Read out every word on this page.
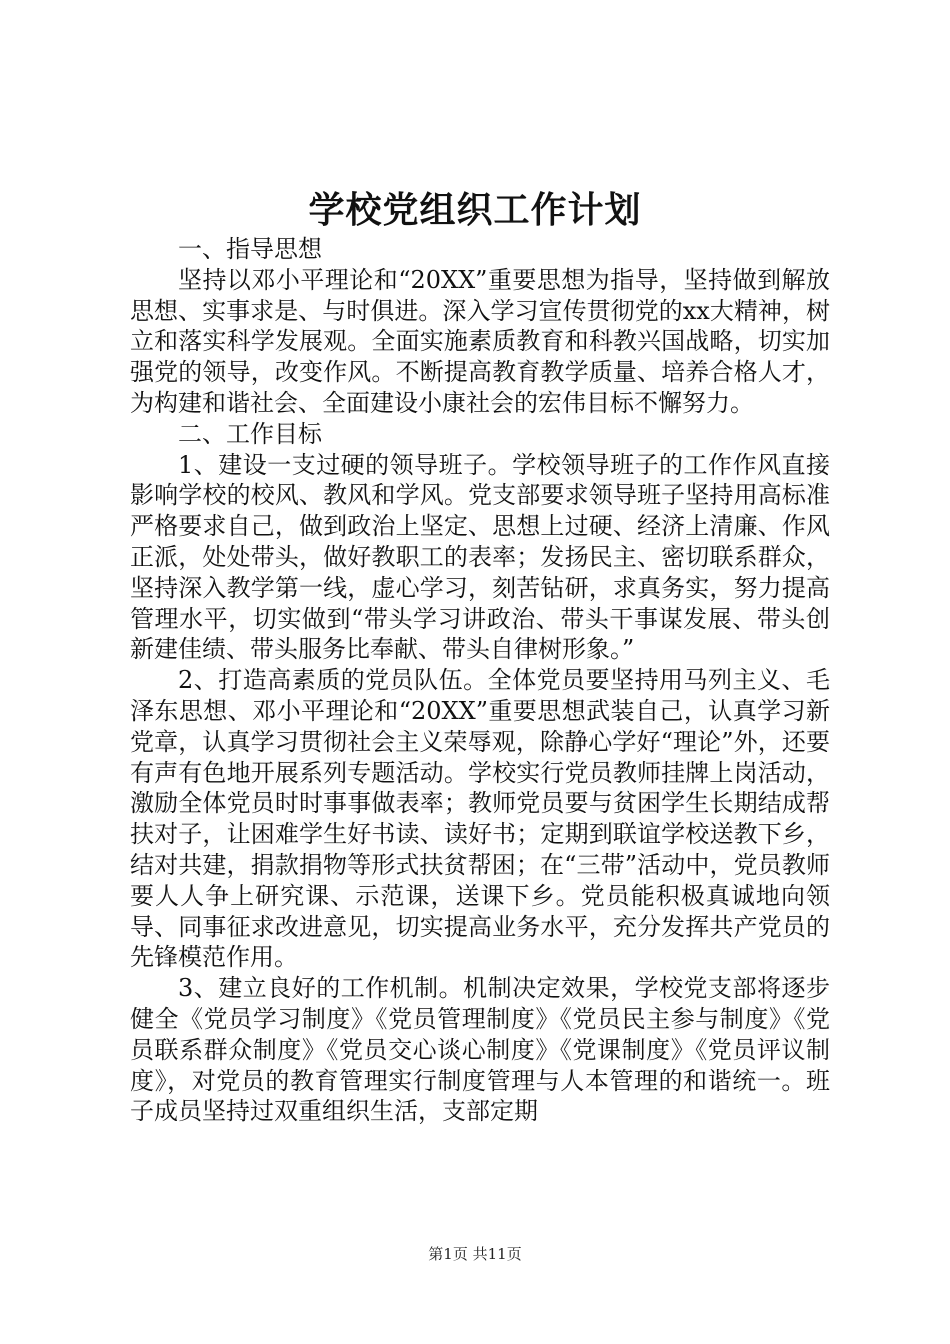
学校党组织工作计划

一、指导思想

坚持以邓小平理论和“20XX”重要思想为指导，坚持做到解放思想、实事求是、与时俱进。深入学习宣传贯彻党的xx大精神，树立和落实科学发展观。全面实施素质教育和科教兴国战略，切实加强党的领导，改变作风。不断提高教育教学质量、培养合格人才，为构建和谐社会、全面建设小康社会的宏伟目标不懈努力。

二、工作目标

1、建设一支过硬的领导班子。学校领导班子的工作作风直接影响学校的校风、教风和学风。党支部要求领导班子坚持用高标准严格要求自己，做到政治上坚定、思想上过硬、经济上清廉、作风正派，处处带头，做好教职工的表率；发扬民主、密切联系群众，坚持深入教学第一线，虚心学习，刻苦钻研，求真务实，努力提高管理水平，切实做到“带头学习讲政治、带头干事谋发展、带头创新建佳绩、带头服务比奉献、带头自律树形象。”

2、打造高素质的党员队伍。全体党员要坚持用马列主义、毛泽东思想、邓小平理论和“20XX”重要思想武装自己，认真学习新党章，认真学习贯彻社会主义荣辱观，除静心学好“理论”外，还要有声有色地开展系列专题活动。学校实行党员教师挂牌上岗活动，激励全体党员时时事事做表率；教师党员要与贫困学生长期结成帮扶对子，让困难学生好书读、读好书；定期到联谊学校送教下乡，结对共建，捐款捐物等形式扶贫帮困；在“三带”活动中，党员教师要人人争上研究课、示范课，送课下乡。党员能积极真诚地向领导、同事征求改进意见，切实提高业务水平，充分发挥共产党员的先锋模范作用。

3、建立良好的工作机制。机制决定效果，学校党支部将逐步健全《党员学习制度》《党员管理制度》《党员民主参与制度》《党员联系群众制度》《党员交心谈心制度》《党课制度》《党员评议制度》，对党员的教育管理实行制度管理与人本管理的和谐统一。班子成员坚持过双重组织生活，支部定期

第1页 共11页
